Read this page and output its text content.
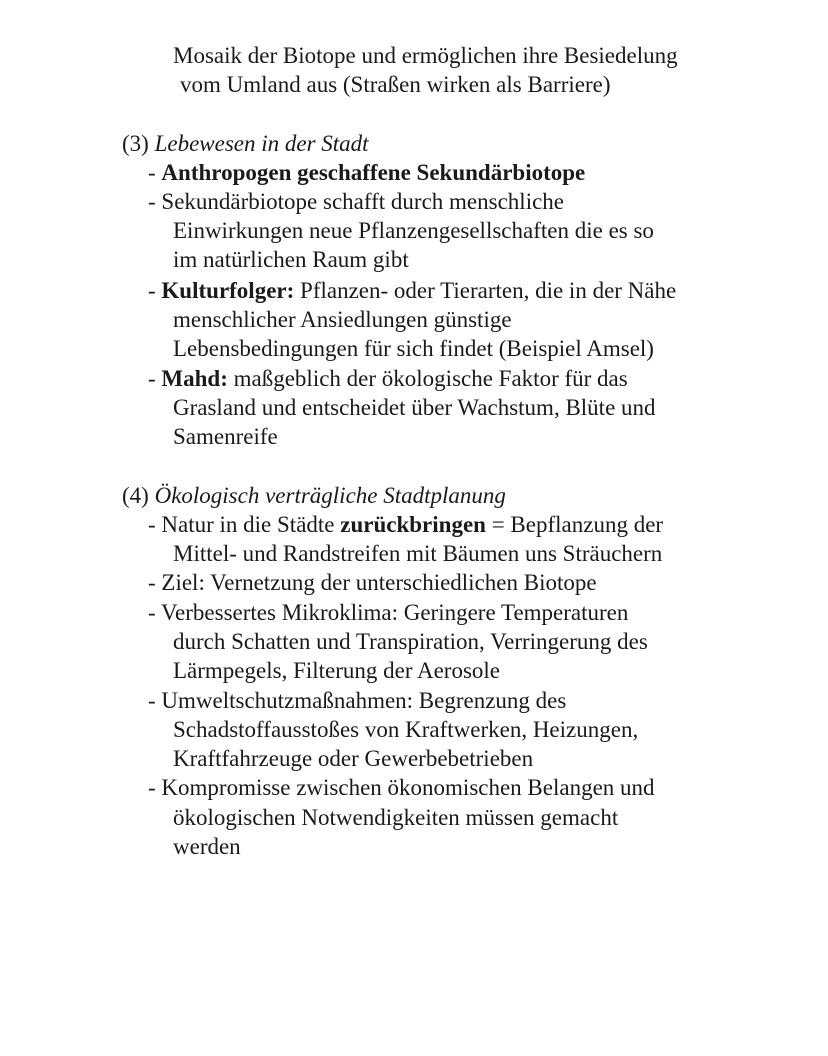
Mosaik der Biotope und ermöglichen ihre Besiedelung
vom Umland aus (Straßen wirken als Barriere)
(3) Lebewesen in der Stadt
- Anthropogen geschaffene Sekundärbiotope
- Sekundärbiotope schafft durch menschliche
Einwirkungen neue Pflanzengesellschaften die es so
im natürlichen Raum gibt
- Kulturfolger: Pflanzen- oder Tierarten, die in der Nähe
menschlicher Ansiedlungen günstige
Lebensbedingungen für sich findet (Beispiel Amsel)
- Mahd: maßgeblich der ökologische Faktor für das
Grasland und entscheidet über Wachstum, Blüte und
Samenreife
(4) Ökologisch verträgliche Stadtplanung
- Natur in die Städte zurückbringen = Bepflanzung der
Mittel- und Randstreifen mit Bäumen uns Sträuchern
- Ziel: Vernetzung der unterschiedlichen Biotope
- Verbessertes Mikroklima: Geringere Temperaturen
durch Schatten und Transpiration, Verringerung des
Lärmpegels, Filterung der Aerosole
- Umweltschutzmaßnahmen: Begrenzung des
Schadstoffausstoßes von Kraftwerken, Heizungen,
Kraftfahrzeuge oder Gewerbebetrieben
- Kompromisse zwischen ökonomischen Belangen und
ökologischen Notwendigkeiten müssen gemacht
werden
